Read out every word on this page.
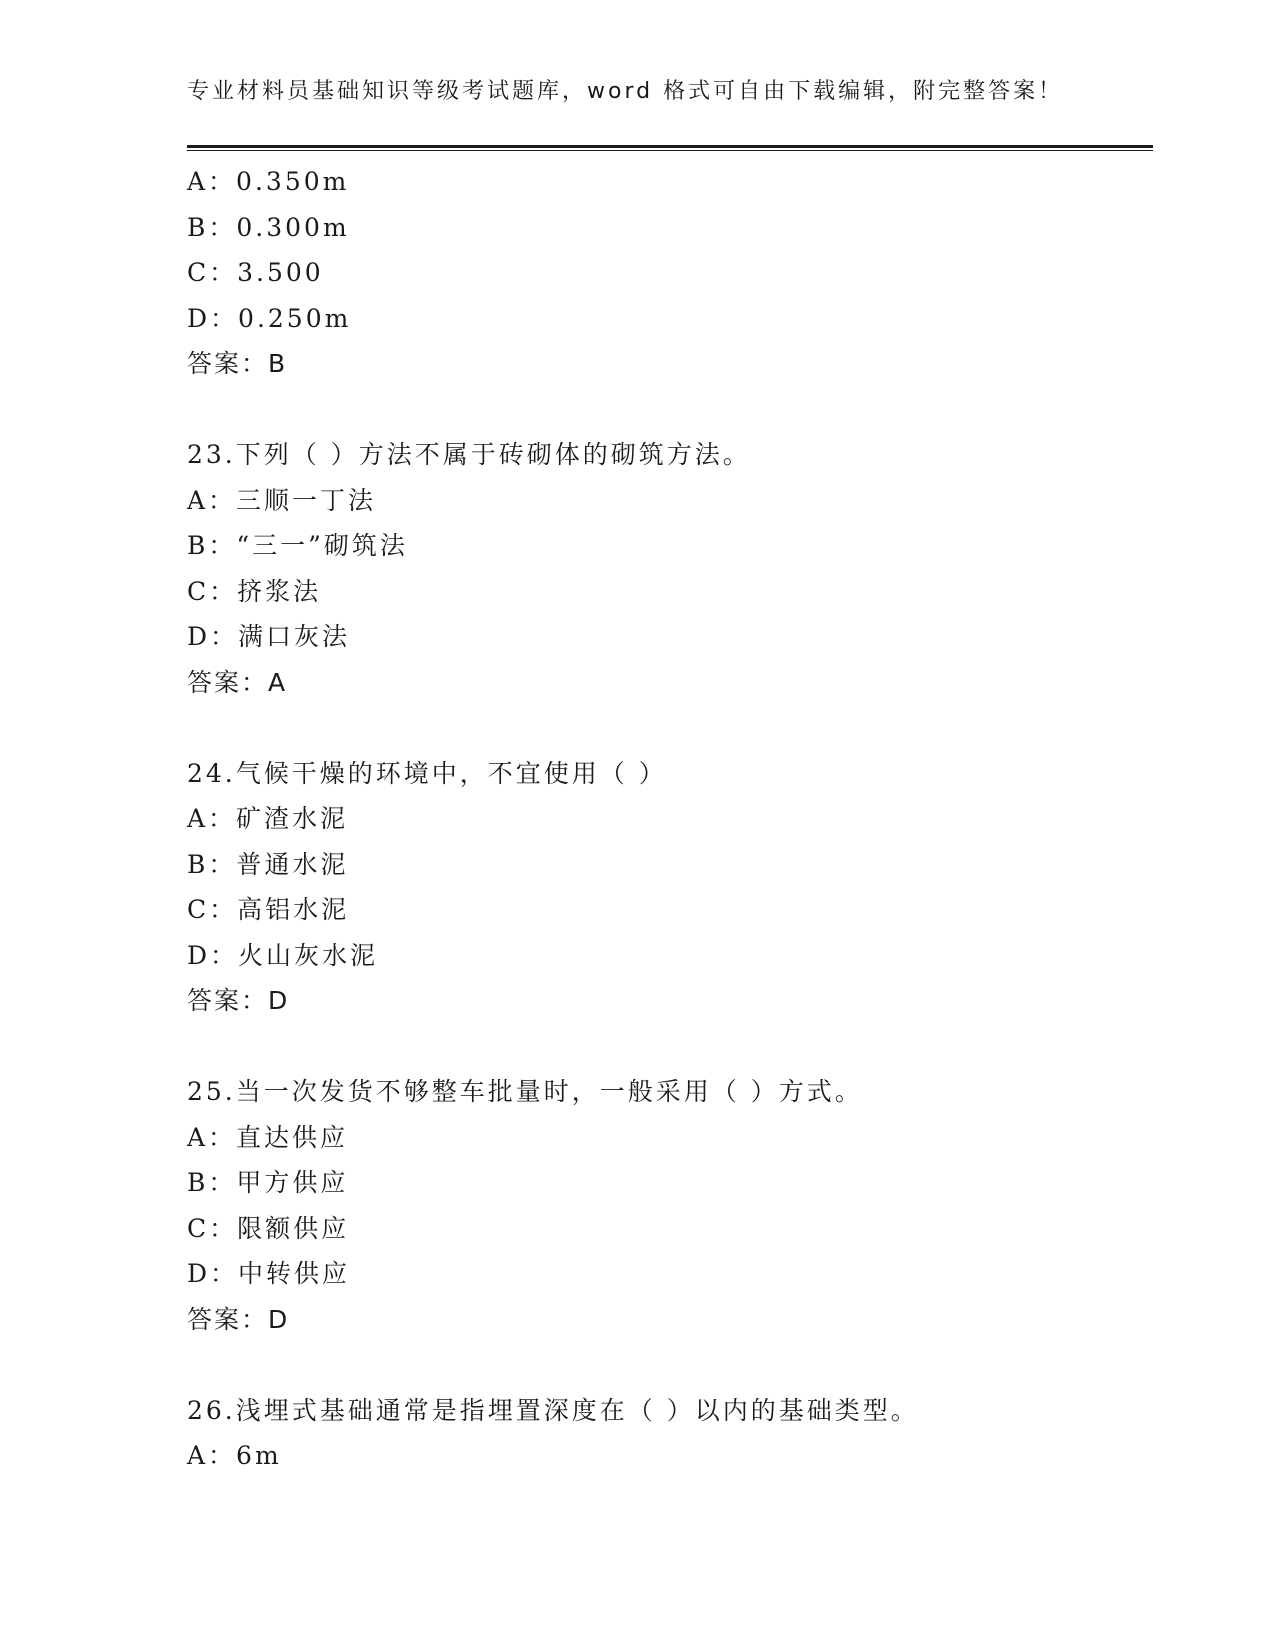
专业材料员基础知识等级考试题库，word 格式可自由下载编辑，附完整答案！
A：0.350m
B：0.300m
C：3.500
D：0.250m
答案：B
23.下列（ ）方法不属于砖砌体的砌筑方法。
A：三顺一丁法
B：“三一”砌筑法
C：挤浆法
D：满口灰法
答案：A
24.气候干燥的环境中，不宜使用（ ）
A：矿渣水泥
B：普通水泥
C：高铝水泥
D：火山灰水泥
答案：D
25.当一次发货不够整车批量时，一般采用（ ）方式。
A：直达供应
B：甲方供应
C：限额供应
D：中转供应
答案：D
26.浅埋式基础通常是指埋置深度在（ ）以内的基础类型。
A：6m
